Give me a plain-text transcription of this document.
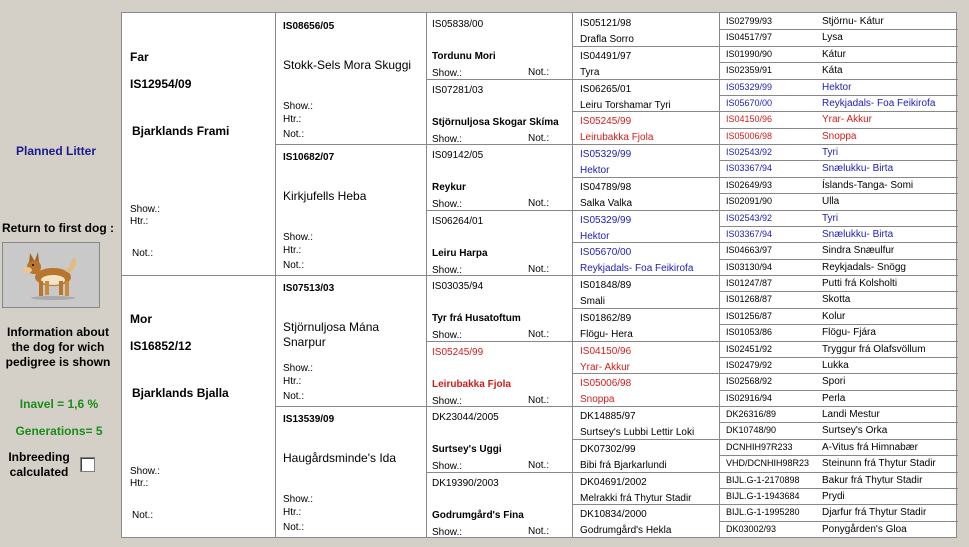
Planned Litter
Return to first dog :
Information about the dog for wich pedigree is shown
Inavel = 1,6 %
Generations= 5
Inbreeding calculated
Far
IS12954/09
Bjarklands Frami
Show.:
Htr.:
Not.:
Mor
IS16852/12
Bjarklands Bjalla
Show.:
Htr.:
Not.:
IS08656/05
Stokk-Sels Mora Skuggi
Show.:
Htr.:
Not.:
IS10682/07
Kirkjufells Heba
Show.:
Htr.:
Not.:
IS07513/03
Stjörnuljosa Mána Snarpur
Show.:
Htr.:
Not.:
IS13539/09
Haugårdsminde's Ida
Show.:
Htr.:
Not.:
IS05838/00
Tordunu Mori
Show.:	Not.:
IS07281/03
Stjörnuljosa Skogar Skíma
Show.:	Not.:
IS09142/05
Reykur
Show.:	Not.:
IS06264/01
Leiru Harpa
Show.:	Not.:
IS03035/94
Tyr frá Husatoftum
Show.:	Not.:
IS05245/99
Leirubakka Fjola
Show.:	Not.:
DK23044/2005
Surtsey's Uggi
Show.:	Not.:
DK19390/2003
Godrumgård's Fina
Show.:	Not.:
IS05121/98
Drafla Sorro
IS04491/97
Tyra
IS06265/01
Leiru Torshamar Tyri
IS05245/99
Leirubakka Fjola
IS05329/99
Hektor
IS04789/98
Salka Valka
IS05329/99
Hektor
IS05670/00
Reykjadals- Foa Feikirofa
IS01848/89
Smali
IS01862/89
Flögu- Hera
IS04150/96
Yrar- Akkur
IS05006/98
Snoppa
DK14885/97
Surtsey's Lubbi Lettir Loki
DK07302/99
Bibi frá Bjarkarlundi
DK04691/2002
Melrakki frá Thytur Stadir
DK10834/2000
Godrumgård's Hekla
IS02799/93	Stjörnu- Kátur
IS04517/97	Lysa
IS01990/90	Kátur
IS02359/91	Káta
IS05329/99	Hektor
IS05670/00	Reykjadals- Foa Feikirofa
IS04150/96	Yrar- Akkur
IS05006/98	Snoppa
IS02543/92	Tyri
IS03367/94	Snælukku- Birta
IS02649/93	Íslands-Tanga- Somi
IS02091/90	Ulla
IS02543/92	Tyri
IS03367/94	Snælukku- Birta
IS04663/97	Sindra Snæulfur
IS03130/94	Reykjadals- Snögg
IS01247/87	Putti frá Kolsholti
IS01268/87	Skotta
IS01256/87	Kolur
IS01053/86	Flögu- Fjára
IS02451/92	Tryggur frá Olafsvöllum
IS02479/92	Lukka
IS02568/92	Spori
IS02916/94	Perla
DK26316/89	Landi Mestur
DK10748/90	Surtsey's Orka
DCNHIH97R233	A-Vitus frá Himnabær
VHD/DCNHIH98R23 Steinunn frá Thytur Stadir
BIJL.G-1-2170898 Bakur frá Thytur Stadir
BIJL.G-1-1943684 Prydi
BIJL.G-1-1995280 Djarfur frá Thytur Stadir
DK03002/93	Ponygården's Gloa
